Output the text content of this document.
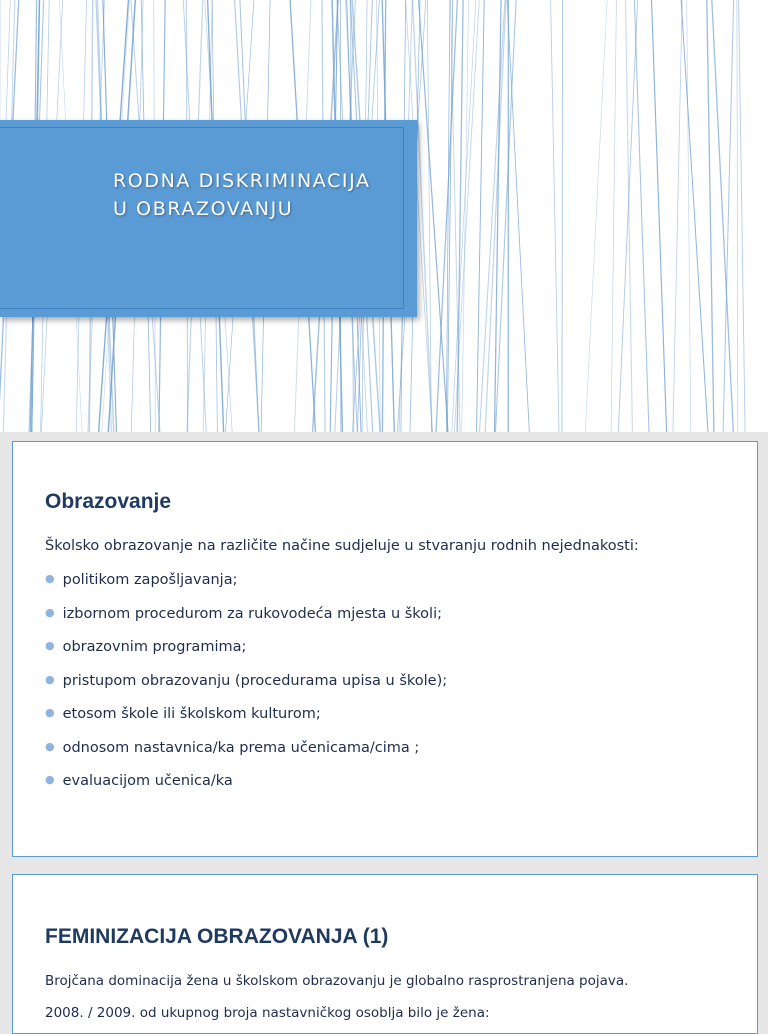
RODNA DISKRIMINACIJA
U OBRAZOVANJU
Obrazovanje
Školsko obrazovanje na različite načine sudjeluje u stvaranju rodnih nejednakosti:
● politikom zapošljavanja;
● izbornom procedurom za rukovodeća mjesta u školi;
● obrazovnim programima;
● pristupom obrazovanju (procedurama upisa u škole);
● etosom škole ili školskom kulturom;
● odnosom nastavnica/ka prema učenicama/cima ;
● evaluacijom učenica/ka
FEMINIZACIJA OBRAZOVANJA (1)
Brojčana dominacija žena u školskom obrazovanju je globalno rasprostranjena pojava.
2008. / 2009. od ukupnog broja nastavničkog osoblja bilo je žena:
